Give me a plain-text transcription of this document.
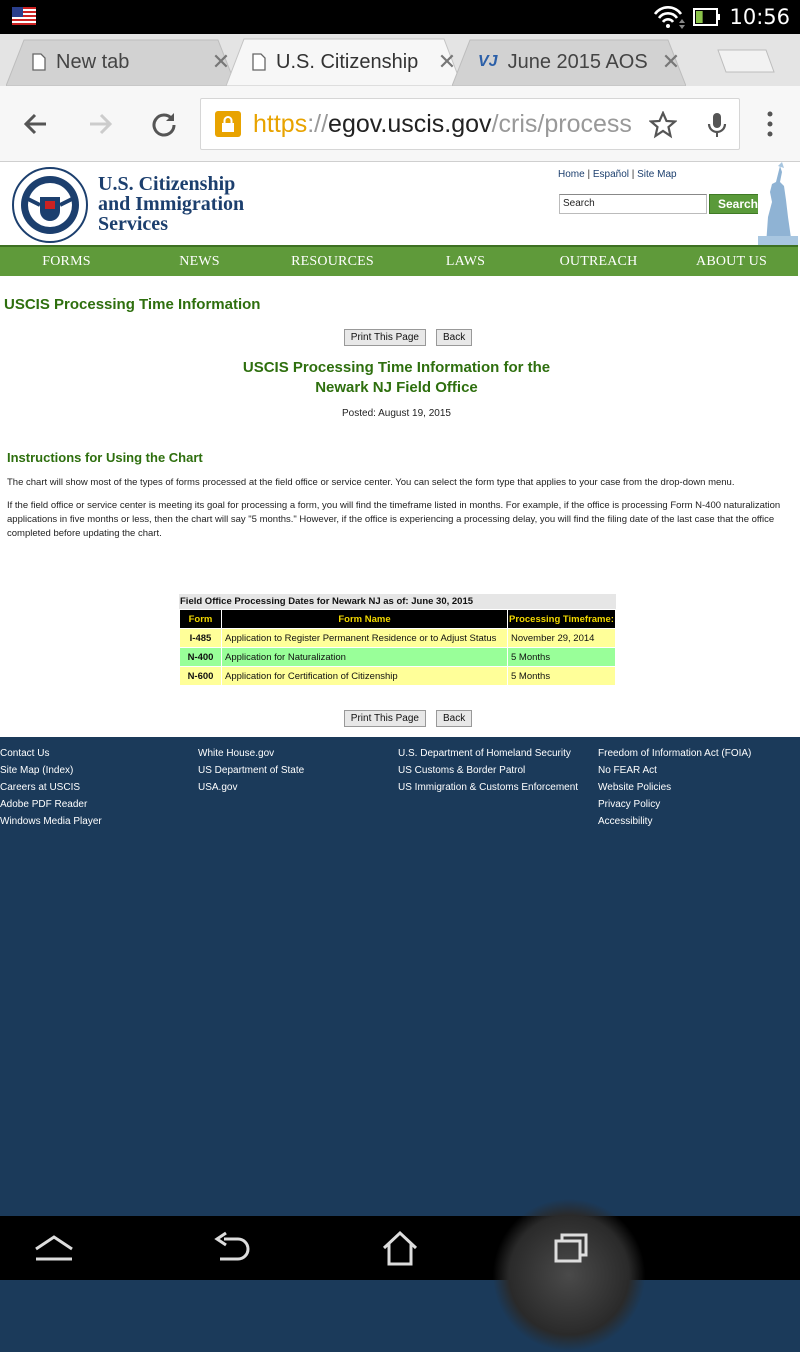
10:56
New tab	✕ U.S. Citizenship ✕	VJ June 2015 AOS ✕
https://egov.uscis.gov/cris/process
U.S. Citizenship
and Immigration
Services
Home | Español | Site Map
Search	Search
FORMS	NEWS	RESOURCES	LAWS	OUTREACH	ABOUT US
USCIS Processing Time Information
Print This Page	Back
USCIS Processing Time Information for the
Newark NJ Field Office
Posted: August 19, 2015
Instructions for Using the Chart
The chart will show most of the types of forms processed at the field office or service center. You can select the form type that applies to your case from the drop-down menu.
If the field office or service center is meeting its goal for processing a form, you will find the timeframe listed in months. For example, if the office is processing Form N-400 naturalization applications in five months or less, then the chart will say "5 months." However, if the office is experiencing a processing delay, you will find the filing date of the last case that the office completed before updating the chart.
Field Office Processing Dates for Newark NJ as of: June 30, 2015
Form	Form Name	Processing Timeframe:
I-485	Application to Register Permanent Residence or to Adjust Status	November 29, 2014
N-400	Application for Naturalization	5 Months
N-600	Application for Certification of Citizenship	5 Months
Print This Page	Back
Contact Us
Site Map (Index)
Careers at USCIS
Adobe PDF Reader
Windows Media Player
White House.gov
US Department of State
USA.gov
U.S. Department of Homeland Security
US Customs & Border Patrol
US Immigration & Customs Enforcement
Freedom of Information Act (FOIA)
No FEAR Act
Website Policies
Privacy Policy
Accessibility
